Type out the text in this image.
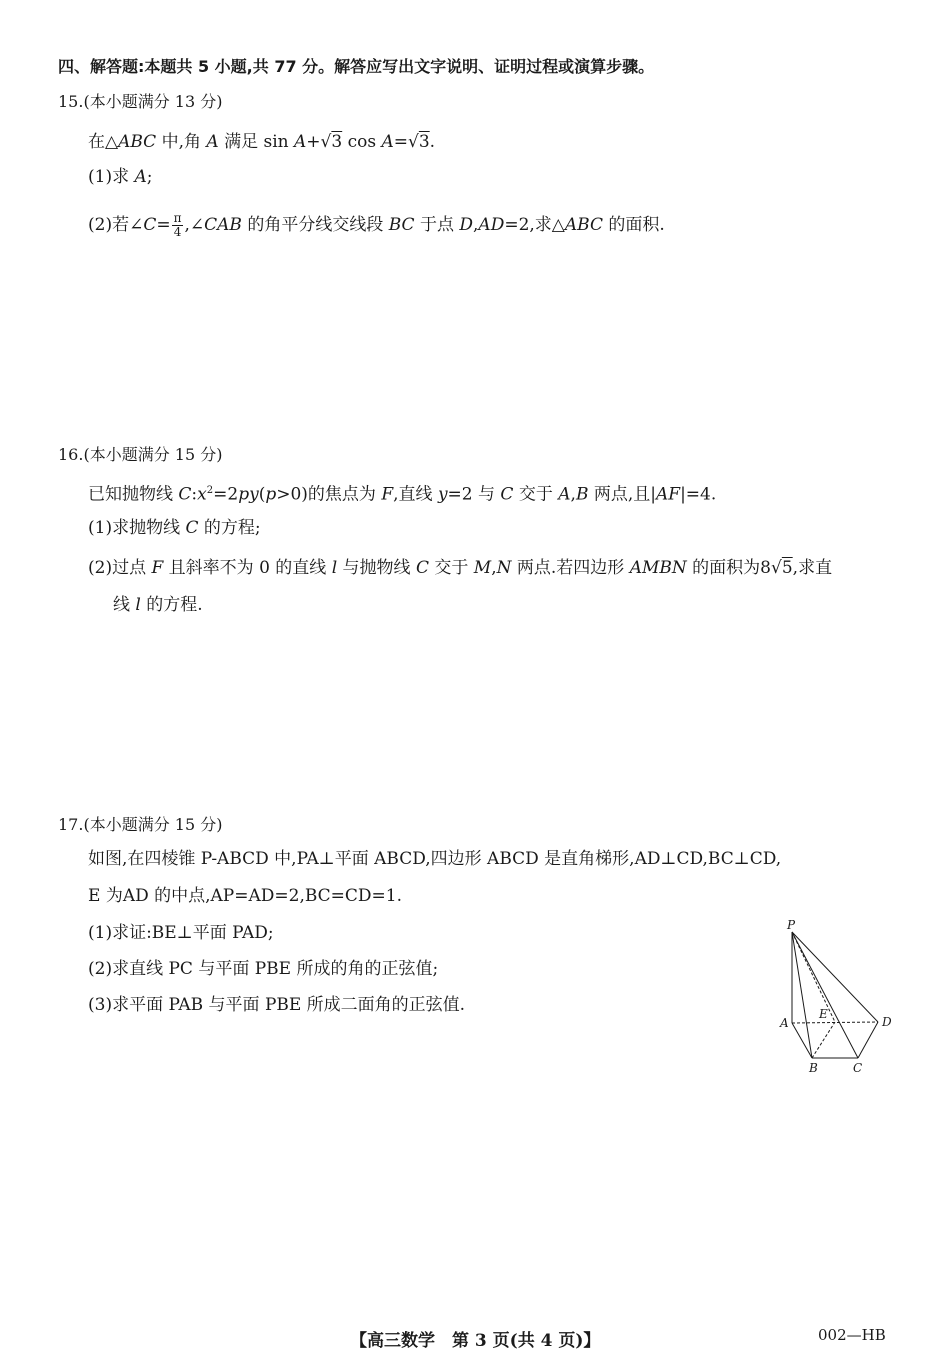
四、解答题:本题共 5 小题,共 77 分。解答应写出文字说明、证明过程或演算步骤。
15.(本小题满分 13 分)
在△ABC 中,角 A 满足 sin A+√3 cos A=√3.
(1)求 A;
(2)若∠C= $\frac{\pi}{4}$ ,∠CAB 的角平分线交线段 BC 于点 D,AD=2,求△ABC 的面积.
16.(本小题满分 15 分)
已知抛物线 $C:x^2=2py(p>0)$的焦点为 F,直线 y=2 与 C 交于 A,B 两点,且|AF|=4.
(1)求抛物线 C 的方程;
(2)过点 F 且斜率不为 0 的直线 l 与抛物线 C 交于 M,N 两点.若四边形 AMBN 的面积为8√5,求直
线 l 的方程.
17.(本小题满分 15 分)
如图,在四棱锥 P-ABCD 中,PA⊥平面 ABCD,四边形 ABCD 是直角梯形,AD⊥CD,BC⊥CD,
E 为AD 的中点,AP=AD=2,BC=CD=1.
(1)求证:BE⊥平面 PAD;
(2)求直线 PC 与平面 PBE 所成的角的正弦值;
(3)求平面 PAB 与平面 PBE 所成二面角的正弦值.
P
A
B	C
D
E
【高三数学　第 3 页(共 4 页)】	002—HB
